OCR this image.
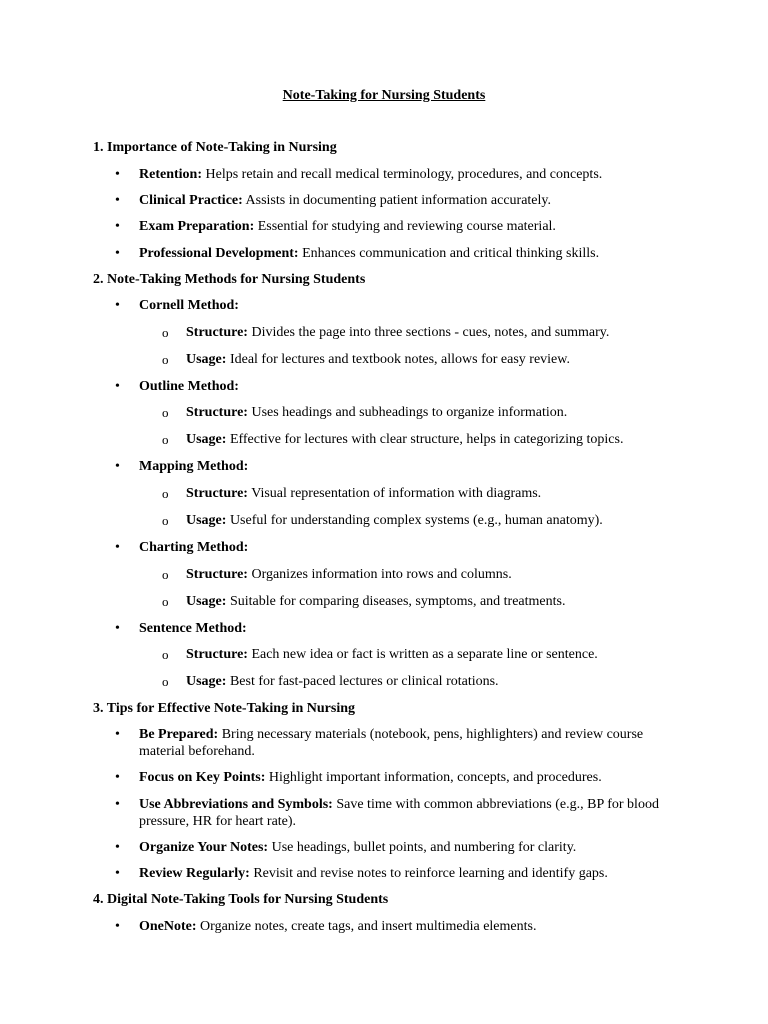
Note-Taking for Nursing Students
1. Importance of Note-Taking in Nursing
• Retention: Helps retain and recall medical terminology, procedures, and concepts.
• Clinical Practice: Assists in documenting patient information accurately.
• Exam Preparation: Essential for studying and reviewing course material.
• Professional Development: Enhances communication and critical thinking skills.
2. Note-Taking Methods for Nursing Students
• Cornell Method:
o Structure: Divides the page into three sections - cues, notes, and summary.
o Usage: Ideal for lectures and textbook notes, allows for easy review.
• Outline Method:
o Structure: Uses headings and subheadings to organize information.
o Usage: Effective for lectures with clear structure, helps in categorizing topics.
• Mapping Method:
o Structure: Visual representation of information with diagrams.
o Usage: Useful for understanding complex systems (e.g., human anatomy).
• Charting Method:
o Structure: Organizes information into rows and columns.
o Usage: Suitable for comparing diseases, symptoms, and treatments.
• Sentence Method:
o Structure: Each new idea or fact is written as a separate line or sentence.
o Usage: Best for fast-paced lectures or clinical rotations.
3. Tips for Effective Note-Taking in Nursing
• Be Prepared: Bring necessary materials (notebook, pens, highlighters) and review course material beforehand.
• Focus on Key Points: Highlight important information, concepts, and procedures.
• Use Abbreviations and Symbols: Save time with common abbreviations (e.g., BP for blood pressure, HR for heart rate).
• Organize Your Notes: Use headings, bullet points, and numbering for clarity.
• Review Regularly: Revisit and revise notes to reinforce learning and identify gaps.
4. Digital Note-Taking Tools for Nursing Students
• OneNote: Organize notes, create tags, and insert multimedia elements.
